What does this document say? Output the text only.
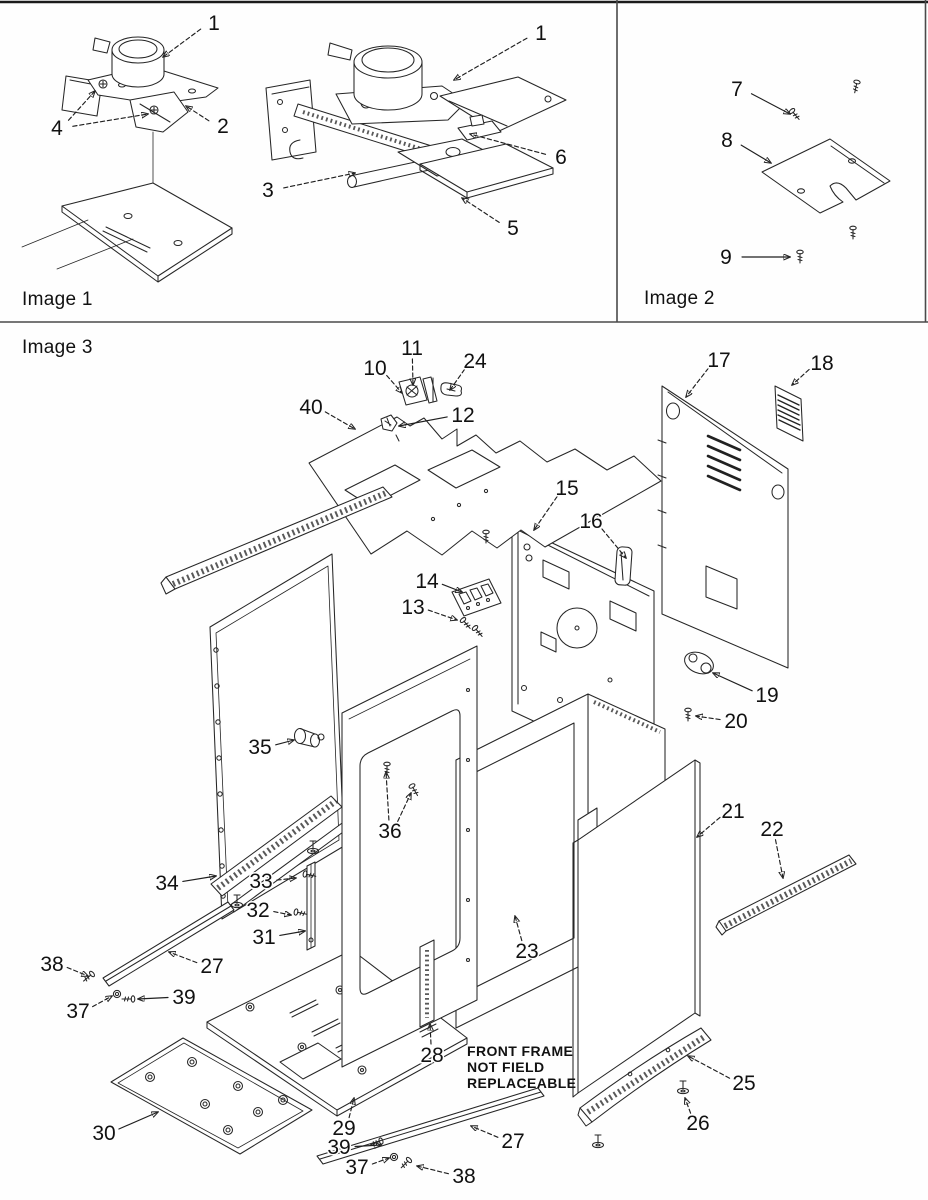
Image 1	Image 2
Image 3
FRONT FRAME
NOT FIELD
REPLACEABLE
1
2
3
4
1
5
6
7
8
9
10
11
24
12
40
17	18
15
16
14
13
19
20
35
36
21
22
23
34	33
32
31
27
38
37
39
30	29
28
25
26
27
39
37	38
